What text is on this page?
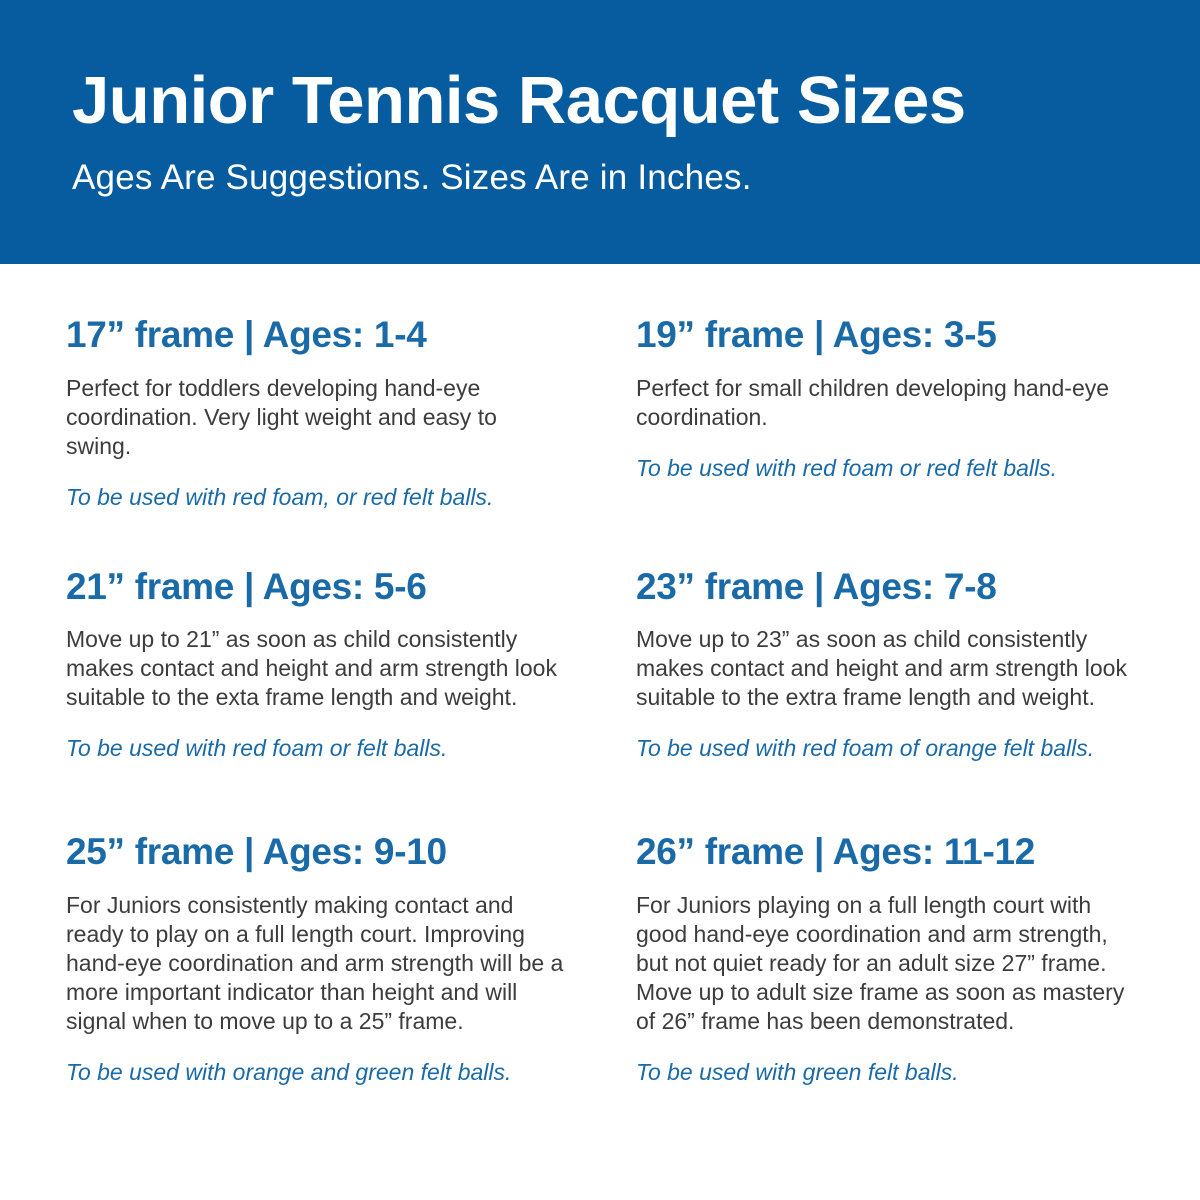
Junior Tennis Racquet Sizes

Ages Are Suggestions. Sizes Are in Inches.

17” frame | Ages: 1-4

Perfect for toddlers developing hand-eye coordination. Very light weight and easy to swing.

To be used with red foam, or red felt balls.

19” frame | Ages: 3-5

Perfect for small children developing hand-eye coordination.

To be used with red foam or red felt balls.

21” frame | Ages: 5-6

Move up to 21” as soon as child consistently makes contact and height and arm strength look suitable to the exta frame length and weight.

To be used with red foam or felt balls.

23” frame | Ages: 7-8

Move up to 23” as soon as child consistently makes contact and height and arm strength look suitable to the extra frame length and weight.

To be used with red foam of orange felt balls.

25” frame | Ages: 9-10

For Juniors consistently making contact and ready to play on a full length court. Improving hand-eye coordination and arm strength will be a more important indicator than height and will signal when to move up to a 25” frame.

To be used with orange and green felt balls.

26” frame | Ages: 11-12

For Juniors playing on a full length court with good hand-eye coordination and arm strength, but not quiet ready for an adult size 27” frame. Move up to adult size frame as soon as mastery of 26” frame has been demonstrated.

To be used with green felt balls.
